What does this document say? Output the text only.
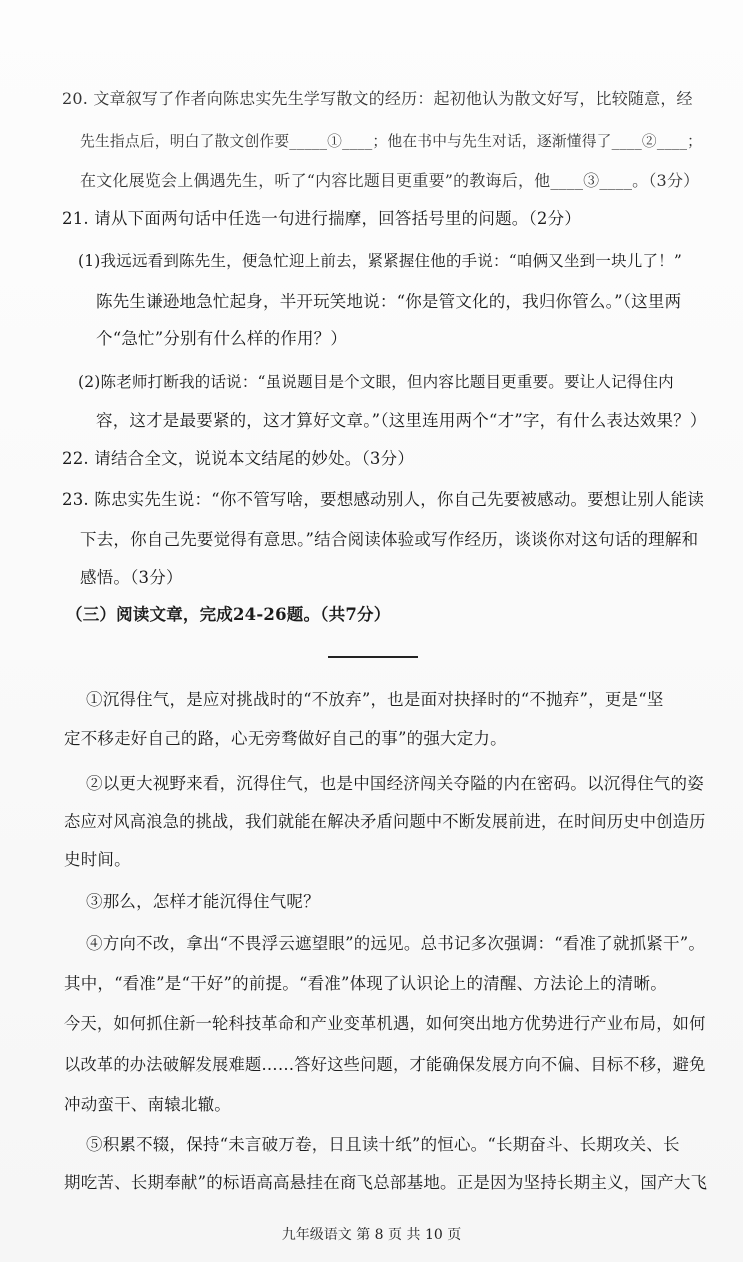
20. 文章叙写了作者向陈忠实先生学写散文的经历：起初他认为散文好写，比较随意，经
先生指点后，明白了散文创作要_____①____；他在书中与先生对话，逐渐懂得了____②____；
在文化展览会上偶遇先生，听了“内容比题目更重要”的教诲后，他____③____。（3分）
21. 请从下面两句话中任选一句进行揣摩，回答括号里的问题。（2分）
(1)我远远看到陈先生，便急忙迎上前去，紧紧握住他的手说：“咱俩又坐到一块儿了！”
陈先生谦逊地急忙起身，半开玩笑地说：“你是管文化的，我归你管么。”（这里两
个“急忙”分别有什么样的作用？）
(2)陈老师打断我的话说：“虽说题目是个文眼，但内容比题目更重要。要让人记得住内
容，这才是最要紧的，这才算好文章。”（这里连用两个“才”字，有什么表达效果？）
22. 请结合全文，说说本文结尾的妙处。（3分）
23. 陈忠实先生说：“你不管写啥，要想感动别人，你自己先要被感动。要想让别人能读
下去，你自己先要觉得有意思。”结合阅读体验或写作经历，谈谈你对这句话的理解和
感悟。（3分）
（三）阅读文章，完成24-26题。（共7分）
①沉得住气，是应对挑战时的“不放弃”，也是面对抉择时的“不抛弃”，更是“坚
定不移走好自己的路，心无旁骛做好自己的事”的强大定力。
②以更大视野来看，沉得住气，也是中国经济闯关夺隘的内在密码。以沉得住气的姿
态应对风高浪急的挑战，我们就能在解决矛盾问题中不断发展前进，在时间历史中创造历
史时间。
③那么，怎样才能沉得住气呢？
④方向不改，拿出“不畏浮云遮望眼”的远见。总书记多次强调：“看准了就抓紧干”。
其中，“看准”是“干好”的前提。“看准”体现了认识论上的清醒、方法论上的清晰。
今天，如何抓住新一轮科技革命和产业变革机遇，如何突出地方优势进行产业布局，如何
以改革的办法破解发展难题……答好这些问题，才能确保发展方向不偏、目标不移，避免
冲动蛮干、南辕北辙。
⑤积累不辍，保持“未言破万卷，日且读十纸”的恒心。“长期奋斗、长期攻关、长
期吃苦、长期奉献”的标语高高悬挂在商飞总部基地。正是因为坚持长期主义，国产大飞
九年级语文 第 8 页 共 10 页
